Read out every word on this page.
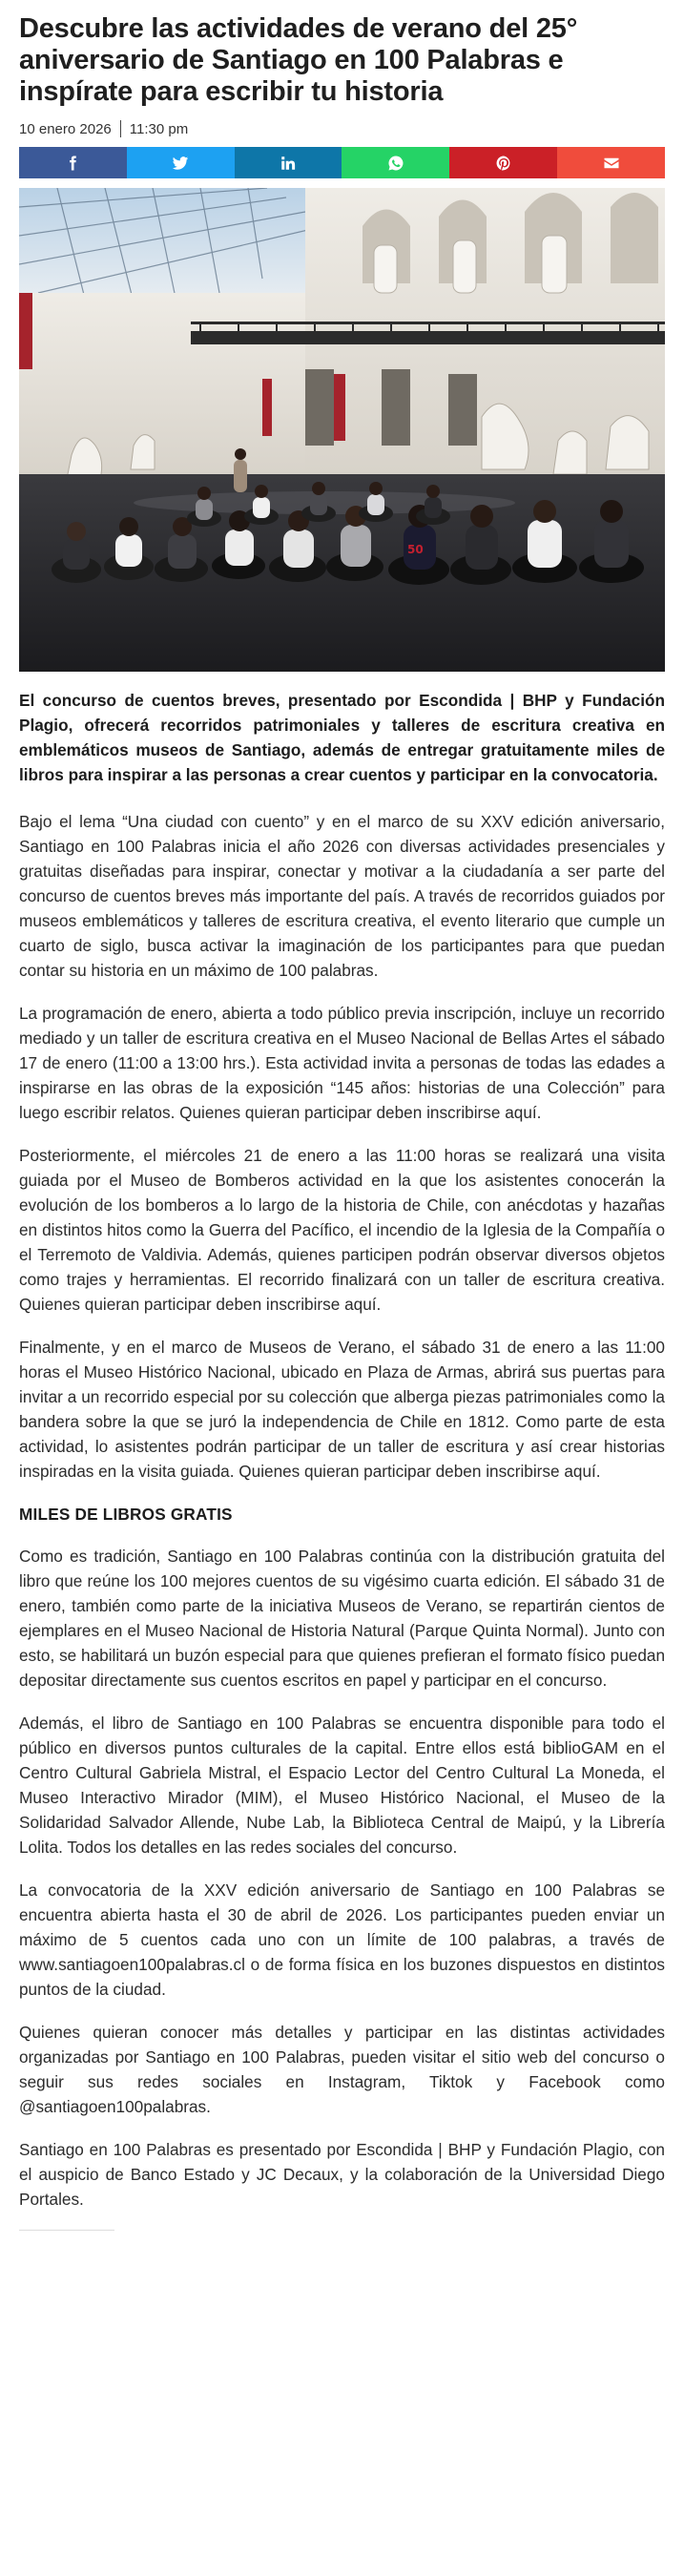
Descubre las actividades de verano del 25° aniversario de Santiago en 100 Palabras e inspírate para escribir tu historia
10 enero 2026 11:30 pm
50

El concurso de cuentos breves, presentado por Escondida | BHP y Fundación Plagio, ofrecerá recorridos patrimoniales y talleres de escritura creativa en emblemáticos museos de Santiago, además de entregar gratuitamente miles de libros para inspirar a las personas a crear cuentos y participar en la convocatoria.

Bajo el lema “Una ciudad con cuento” y en el marco de su XXV edición aniversario, Santiago en 100 Palabras inicia el año 2026 con diversas actividades presenciales y gratuitas diseñadas para inspirar, conectar y motivar a la ciudadanía a ser parte del concurso de cuentos breves más importante del país. A través de recorridos guiados por museos emblemáticos y talleres de escritura creativa, el evento literario que cumple un cuarto de siglo, busca activar la imaginación de los participantes para que puedan contar su historia en un máximo de 100 palabras.

La programación de enero, abierta a todo público previa inscripción, incluye un recorrido mediado y un taller de escritura creativa en el Museo Nacional de Bellas Artes el sábado 17 de enero (11:00 a 13:00 hrs.). Esta actividad invita a personas de todas las edades a inspirarse en las obras de la exposición “145 años: historias de una Colección” para luego escribir relatos. Quienes quieran participar deben inscribirse aquí.

Posteriormente, el miércoles 21 de enero a las 11:00 horas se realizará una visita guiada por el Museo de Bomberos actividad en la que los asistentes conocerán la evolución de los bomberos a lo largo de la historia de Chile, con anécdotas y hazañas en distintos hitos como la Guerra del Pacífico, el incendio de la Iglesia de la Compañía o el Terremoto de Valdivia. Además, quienes participen podrán observar diversos objetos como trajes y herramientas. El recorrido finalizará con un taller de escritura creativa. Quienes quieran participar deben inscribirse aquí.

Finalmente, y en el marco de Museos de Verano, el sábado 31 de enero a las 11:00 horas el Museo Histórico Nacional, ubicado en Plaza de Armas, abrirá sus puertas para invitar a un recorrido especial por su colección que alberga piezas patrimoniales como la bandera sobre la que se juró la independencia de Chile en 1812. Como parte de esta actividad, lo asistentes podrán participar de un taller de escritura y así crear historias inspiradas en la visita guiada. Quienes quieran participar deben inscribirse aquí.

MILES DE LIBROS GRATIS

Como es tradición, Santiago en 100 Palabras continúa con la distribución gratuita del libro que reúne los 100 mejores cuentos de su vigésimo cuarta edición. El sábado 31 de enero, también como parte de la iniciativa Museos de Verano, se repartirán cientos de ejemplares en el Museo Nacional de Historia Natural (Parque Quinta Normal). Junto con esto, se habilitará un buzón especial para que quienes prefieran el formato físico puedan depositar directamente sus cuentos escritos en papel y participar en el concurso.

Además, el libro de Santiago en 100 Palabras se encuentra disponible para todo el público en diversos puntos culturales de la capital. Entre ellos está biblioGAM en el Centro Cultural Gabriela Mistral, el Espacio Lector del Centro Cultural La Moneda, el Museo Interactivo Mirador (MIM), el Museo Histórico Nacional, el Museo de la Solidaridad Salvador Allende, Nube Lab, la Biblioteca Central de Maipú, y la Librería Lolita. Todos los detalles en las redes sociales del concurso.

La convocatoria de la XXV edición aniversario de Santiago en 100 Palabras se encuentra abierta hasta el 30 de abril de 2026. Los participantes pueden enviar un máximo de 5 cuentos cada uno con un límite de 100 palabras, a través de www.santiagoen100palabras.cl o de forma física en los buzones dispuestos en distintos puntos de la ciudad.

Quienes quieran conocer más detalles y participar en las distintas actividades organizadas por Santiago en 100 Palabras, pueden visitar el sitio web del concurso o seguir sus redes sociales en Instagram, Tiktok y Facebook como @santiagoen100palabras.

Santiago en 100 Palabras es presentado por Escondida | BHP y Fundación Plagio, con el auspicio de Banco Estado y JC Decaux, y la colaboración de la Universidad Diego Portales.
